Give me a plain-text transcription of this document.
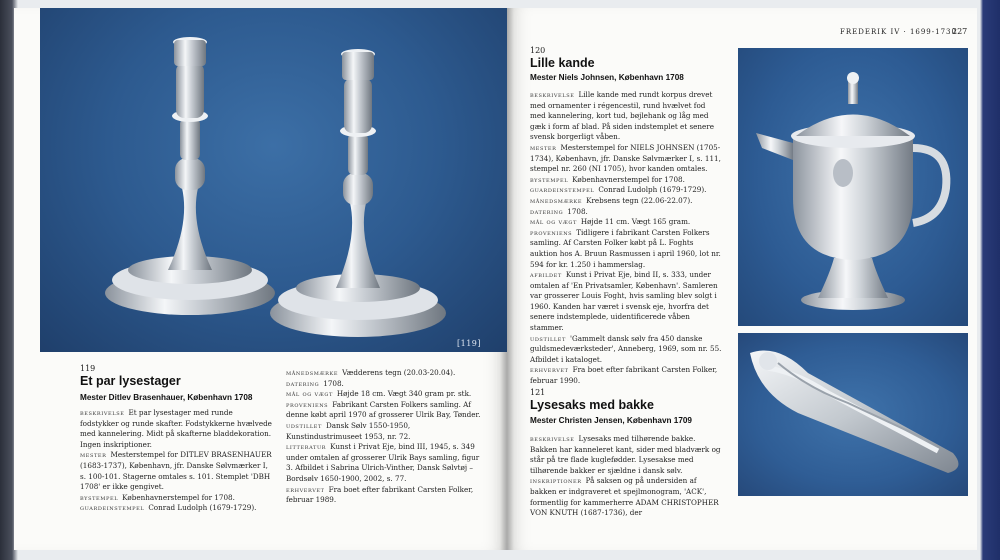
[119]
119
Et par lysestager
Mester Ditlev Brasenhauer, København 1708

beskrivelse Et par lysestager med runde fodstykker og runde skafter. Fodstykkerne hvælvede med kannelering. Midt på skafterne bladdekoration. Ingen inskriptioner.

mester Mesterstempel for DITLEV BRASENHAUER (1683-1737), København, jfr. Danske Sølvmærker I, s. 100-101. Stagerne omtales s. 101. Stemplet 'DBH 1708' er ikke gengivet.

bystempel Københavnerstempel for 1708.

guardeinstempel Conrad Ludolph (1679-1729).

månedsmærke Vædderens tegn (20.03-20.04).

datering 1708.

mål og vægt Højde 18 cm. Vægt 340 gram pr. stk.

proveniens Fabrikant Carsten Folkers samling. Af denne købt april 1970 af grosserer Ulrik Bay, Tønder.

udstillet Dansk Sølv 1550-1950, Kunstindustrimuseet 1953, nr. 72.

litteratur Kunst i Privat Eje, bind III, 1945, s. 349 under omtalen af grosserer Ulrik Bays samling, figur 3. Afbildet i Sabrina Ulrich-Vinther, Dansk Sølvtøj – Bordsølv 1650-1900, 2002, s. 77.

erhvervet Fra boet efter fabrikant Carsten Folker, februar 1989.

FREDERIK IV · 1699-1730
227
120
Lille kande
Mester Niels Johnsen, København 1708

beskrivelse Lille kande med rundt korpus drevet med ornamenter i régencestil, rund hvælvet fod med kannelering, kort tud, bøjlehank og låg med gæk i form af blad. På siden indstemplet et senere svensk borgerligt våben.

mester Mesterstempel for NIELS JOHNSEN (1705-1734), København, jfr. Danske Sølvmærker I, s. 111, stempel nr. 260 (NI 1705), hvor kanden omtales.

bystempel Københavnerstempel for 1708.

guardeinstempel Conrad Ludolph (1679-1729).

månedsmærke Krebsens tegn (22.06-22.07).

datering 1708.

mål og vægt Højde 11 cm. Vægt 165 gram.

proveniens Tidligere i fabrikant Carsten Folkers samling. Af Carsten Folker købt på L. Foghts auktion hos A. Bruun Rasmussen i april 1960, lot nr. 594 for kr. 1.250 i hammerslag.

afbildet Kunst i Privat Eje, bind II, s. 333, under omtalen af 'En Privatsamler, København'. Samleren var grosserer Louis Foght, hvis samling blev solgt i 1960. Kanden har været i svensk eje, hvorfra det senere indstemplede, uidentificerede våben stammer.

udstillet 'Gammelt dansk sølv fra 450 danske guldsmedeværksteder', Anneberg, 1969, som nr. 55. Afbildet i kataloget.

erhvervet Fra boet efter fabrikant Carsten Folker, februar 1990.

121
Lysesaks med bakke
Mester Christen Jensen, København 1709

beskrivelse Lysesaks med tilhørende bakke. Bakken har kanneleret kant, sider med bladværk og står på tre flade kuglefødder. Lysesakse med tilhørende bakker er sjældne i dansk sølv.

inskriptioner På saksen og på undersiden af bakken er indgraveret et spejlmonogram, 'ACK', formentlig for kammerherre ADAM CHRISTOPHER VON KNUTH (1687-1736), der
